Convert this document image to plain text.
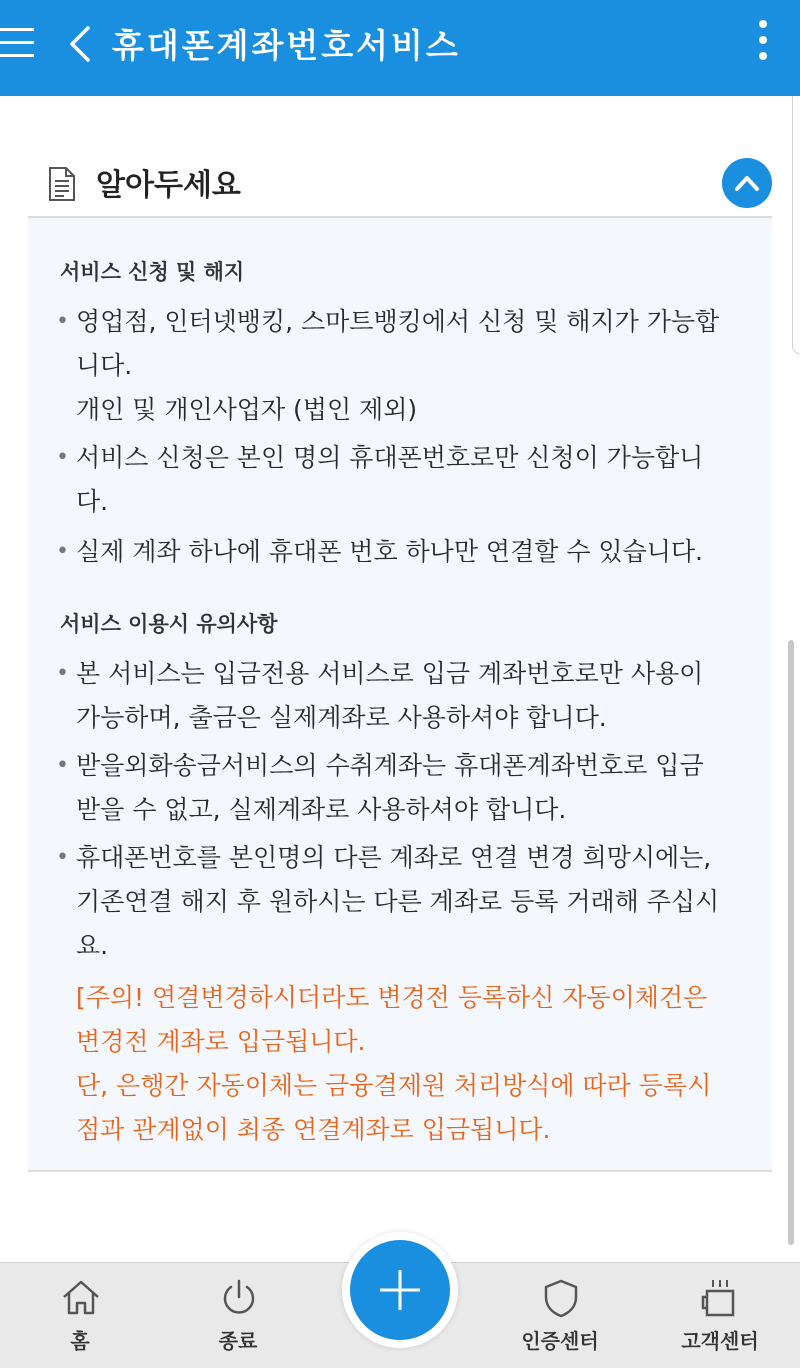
휴대폰계좌번호서비스
알아두세요
서비스 신청 및 해지
• 영업점, 인터넷뱅킹, 스마트뱅킹에서 신청 및 해지가 가능합
니다.
개인 및 개인사업자 (법인 제외)
• 서비스 신청은 본인 명의 휴대폰번호로만 신청이 가능합니
다.
• 실제 계좌 하나에 휴대폰 번호 하나만 연결할 수 있습니다.
서비스 이용시 유의사항
• 본 서비스는 입금전용 서비스로 입금 계좌번호로만 사용이
가능하며, 출금은 실제계좌로 사용하셔야 합니다.
• 받을외화송금서비스의 수취계좌는 휴대폰계좌번호로 입금
받을 수 없고, 실제계좌로 사용하셔야 합니다.
• 휴대폰번호를 본인명의 다른 계좌로 연결 변경 희망시에는,
기존연결 해지 후 원하시는 다른 계좌로 등록 거래해 주십시
요.
[주의! 연결변경하시더라도 변경전 등록하신 자동이체건은
변경전 계좌로 입금됩니다.
단, 은행간 자동이체는 금융결제원 처리방식에 따라 등록시
점과 관계없이 최종 연결계좌로 입금됩니다.
홈	종료	인증센터	고객센터
